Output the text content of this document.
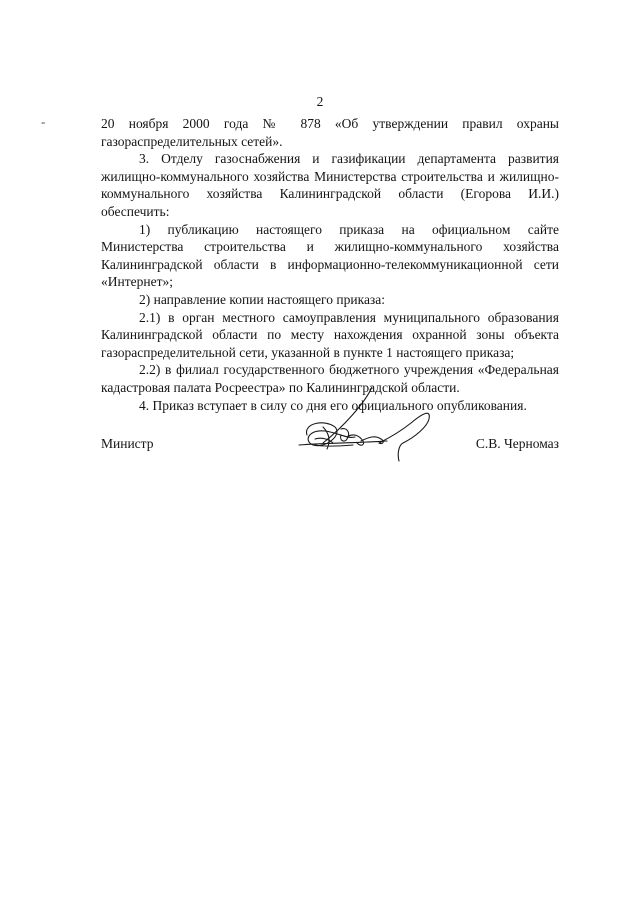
2
-	20 ноября 2000 года № 878 «Об утверждении правил охраны газораспределительных сетей».

3. Отделу газоснабжения и газификации департамента развития жилищно-коммунального хозяйства Министерства строительства и жилищно-коммунального хозяйства Калининградской области (Егорова И.И.) обеспечить:

1) публикацию настоящего приказа на официальном сайте Министерства строительства и жилищно-коммунального хозяйства Калининградской области в информационно-телекоммуникационной сети «Интернет»;

2) направление копии настоящего приказа:

2.1) в орган местного самоуправления муниципального образования Калининградской области по месту нахождения охранной зоны объекта газораспределительной сети, указанной в пункте 1 настоящего приказа;

2.2) в филиал государственного бюджетного учреждения «Федеральная кадастровая палата Росреестра» по Калининградской области.

4. Приказ вступает в силу со дня его официального опубликования.

Министр	С.В. Черномаз
